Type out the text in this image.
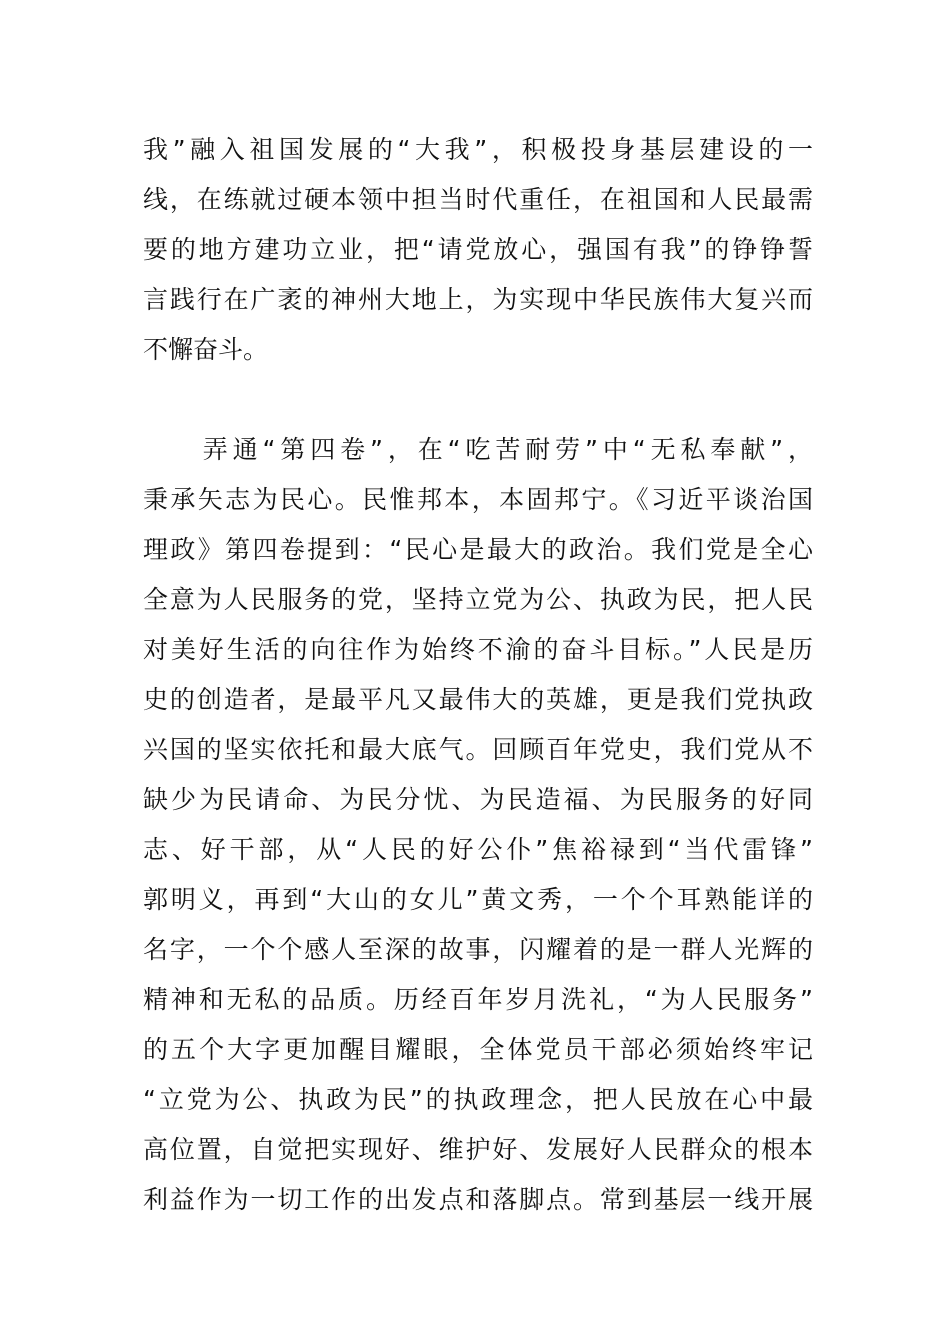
我”融入祖国发展的“大我”，积极投身基层建设的一
线，在练就过硬本领中担当时代重任，在祖国和人民最需
要的地方建功立业，把“请党放心，强国有我”的铮铮誓
言践行在广袤的神州大地上，为实现中华民族伟大复兴而
不懈奋斗。
　　弄通“第四卷”，在“吃苦耐劳”中“无私奉献”，
秉承矢志为民心。民惟邦本，本固邦宁。《习近平谈治国
理政》第四卷提到：“民心是最大的政治。我们党是全心
全意为人民服务的党，坚持立党为公、执政为民，把人民
对美好生活的向往作为始终不渝的奋斗目标。”人民是历
史的创造者，是最平凡又最伟大的英雄，更是我们党执政
兴国的坚实依托和最大底气。回顾百年党史，我们党从不
缺少为民请命、为民分忧、为民造福、为民服务的好同
志、好干部，从“人民的好公仆”焦裕禄到“当代雷锋”
郭明义，再到“大山的女儿”黄文秀，一个个耳熟能详的
名字，一个个感人至深的故事，闪耀着的是一群人光辉的
精神和无私的品质。历经百年岁月洗礼，“为人民服务”
的五个大字更加醒目耀眼，全体党员干部必须始终牢记
“立党为公、执政为民”的执政理念，把人民放在心中最
高位置，自觉把实现好、维护好、发展好人民群众的根本
利益作为一切工作的出发点和落脚点。常到基层一线开展
